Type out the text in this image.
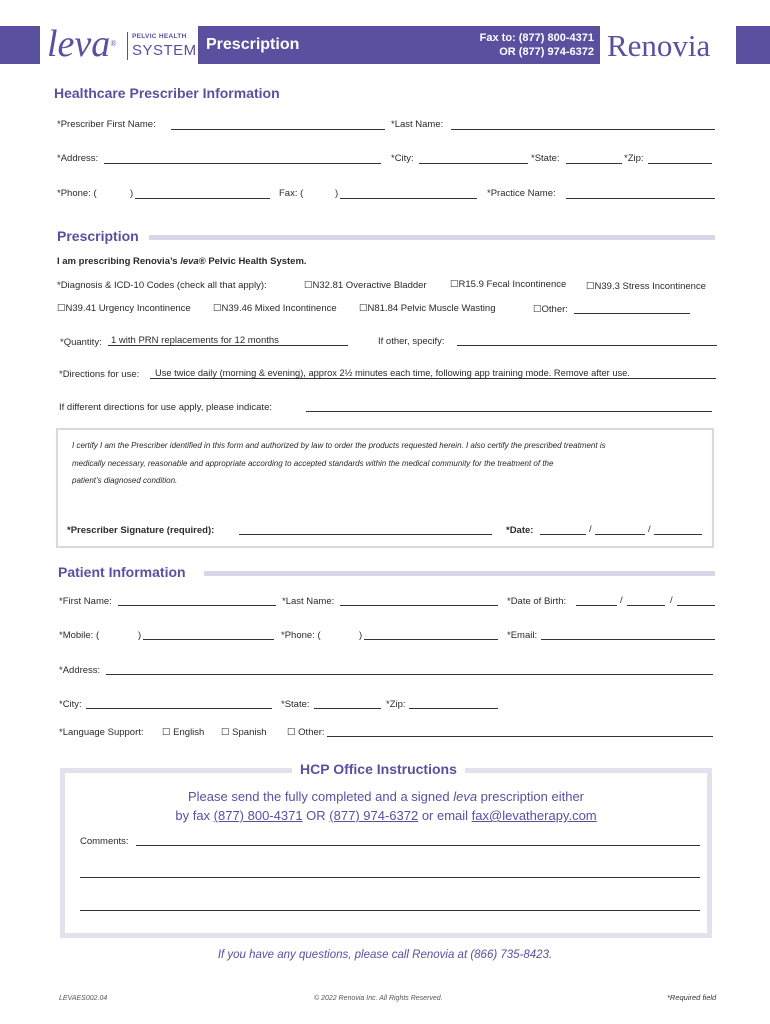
leva®
PELVIC HEALTH
SYSTEM Prescription	Fax to: (877) 800-4371
OR (877) 974-6372 Renovia
Healthcare Prescriber Information
*Prescriber First Name:	*Last Name:
*Address:	*City:	*State:	*Zip:
*Phone: (	)	Fax: (	)	*Practice Name:
Prescription
I am prescribing Renovia’s leva® Pelvic Health System.
*Diagnosis & ICD-10 Codes (check all that apply):	☐N32.81 Overactive Bladder ☐R15.9 Fecal Incontinence ☐N39.3 Stress Incontinence
☐N39.41 Urgency Incontinence ☐N39.46 Mixed Incontinence ☐N81.84 Pelvic Muscle Wasting	☐Other:
*Quantity: 1 with PRN replacements for 12 months	If other, specify:
*Directions for use: Use twice daily (morning & evening), approx 2½ minutes each time, following app training mode. Remove after use.
If different directions for use apply, please indicate:
I certify I am the Prescriber identified in this form and authorized by law to order the products requested herein. I also certify the prescribed treatment is
medically necessary, reasonable and appropriate according to accepted standards within the medical community for the treatment of the
patient’s diagnosed condition.
*Prescriber Signature (required):	*Date:	/	/
Patient Information
*First Name:	*Last Name:	*Date of Birth:	/	/
*Mobile: (	)	*Phone: (	)	*Email:
*Address:
*City:	*State:	*Zip:
*Language Support: ☐ English ☐ Spanish ☐ Other:
HCP Office Instructions
Please send the fully completed and a signed leva prescription either
by fax (877) 800-4371 OR (877) 974-6372 or email fax@levatherapy.com
Comments:
If you have any questions, please call Renovia at (866) 735-8423.
LEVAES002.04	© 2022 Renovia Inc. All Rights Reserved.	*Required field
